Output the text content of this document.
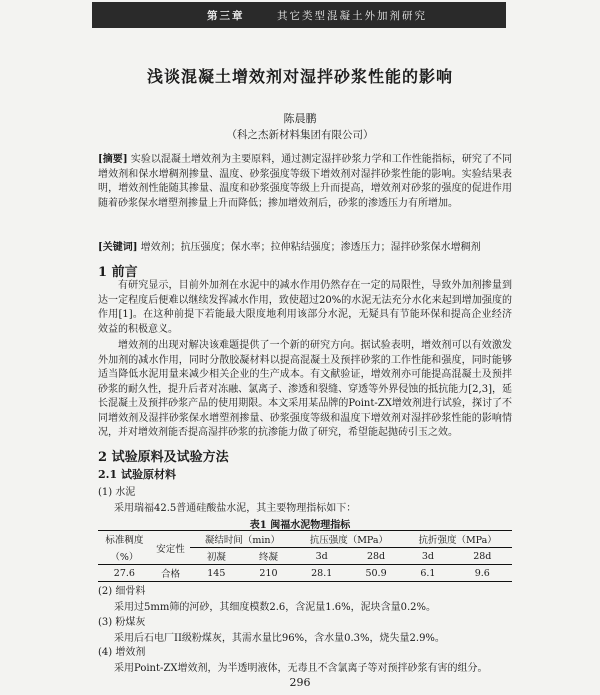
第三章	其它类型混凝土外加剂研究
浅谈混凝土增效剂对湿拌砂浆性能的影响
陈晨鹏
（科之杰新材料集团有限公司）
[摘要] 实验以混凝土增效剂为主要原料，通过测定湿拌砂浆力学和工作性能指标，研究了不同增效剂和保水增稠剂掺量、温度、砂浆强度等级下增效剂对湿拌砂浆性能的影响。实验结果表明，增效剂性能随其掺量、温度和砂浆强度等级上升而提高，增效剂对砂浆的强度的促进作用随着砂浆保水增塑剂掺量上升而降低；掺加增效剂后，砂浆的渗透压力有所增加。
[关键词] 增效剂；抗压强度；保水率；拉伸粘结强度；渗透压力；湿拌砂浆保水增稠剂
1 前言
有研究显示，目前外加剂在水泥中的减水作用仍然存在一定的局限性，导致外加剂掺量到达一定程度后便难以继续发挥减水作用，致使超过20%的水泥无法充分水化来起到增加强度的作用[1]。在这种前提下若能最大限度地利用该部分水泥，无疑具有节能环保和提高企业经济效益的积极意义。
增效剂的出现对解决该难题提供了一个新的研究方向。据试验表明，增效剂可以有效激发外加剂的减水作用，同时分散胶凝材料以提高混凝土及预拌砂浆的工作性能和强度，同时能够适当降低水泥用量来减少相关企业的生产成本。有文献验证，增效剂亦可能提高混凝土及预拌砂浆的耐久性，提升后者对冻融、氯离子、渗透和裂缝、穿透等外界侵蚀的抵抗能力[2,3]，延长混凝土及预拌砂浆产品的使用期限。本文采用某品牌的Point-ZX增效剂进行试验，探讨了不同增效剂及湿拌砂浆保水增塑剂掺量、砂浆强度等级和温度下增效剂对湿拌砂浆性能的影响情况，并对增效剂能否提高湿拌砂浆的抗渗能力做了研究，希望能起抛砖引玉之效。
2 试验原料及试验方法
2.1 试验原材料
(1) 水泥
采用瑞福42.5普通硅酸盐水泥，其主要物理指标如下：
表1 闽福水泥物理指标
标准稠度	安定性	凝结时间（min）		抗压强度（MPa）		抗折强度（MPa）	
（%）		初凝	终凝	3d	28d	3d	28d
27.6	合格	145	210	28.1	50.9	6.1	9.6
(2) 细骨料
采用过5mm筛的河砂，其细度模数2.6，含泥量1.6%，泥块含量0.2%。
(3) 粉煤灰
采用后石电厂II级粉煤灰，其需水量比96%，含水量0.3%，烧失量2.9%。
(4) 增效剂
采用Point-ZX增效剂，为半透明液体，无毒且不含氯离子等对预拌砂浆有害的组分。
296
